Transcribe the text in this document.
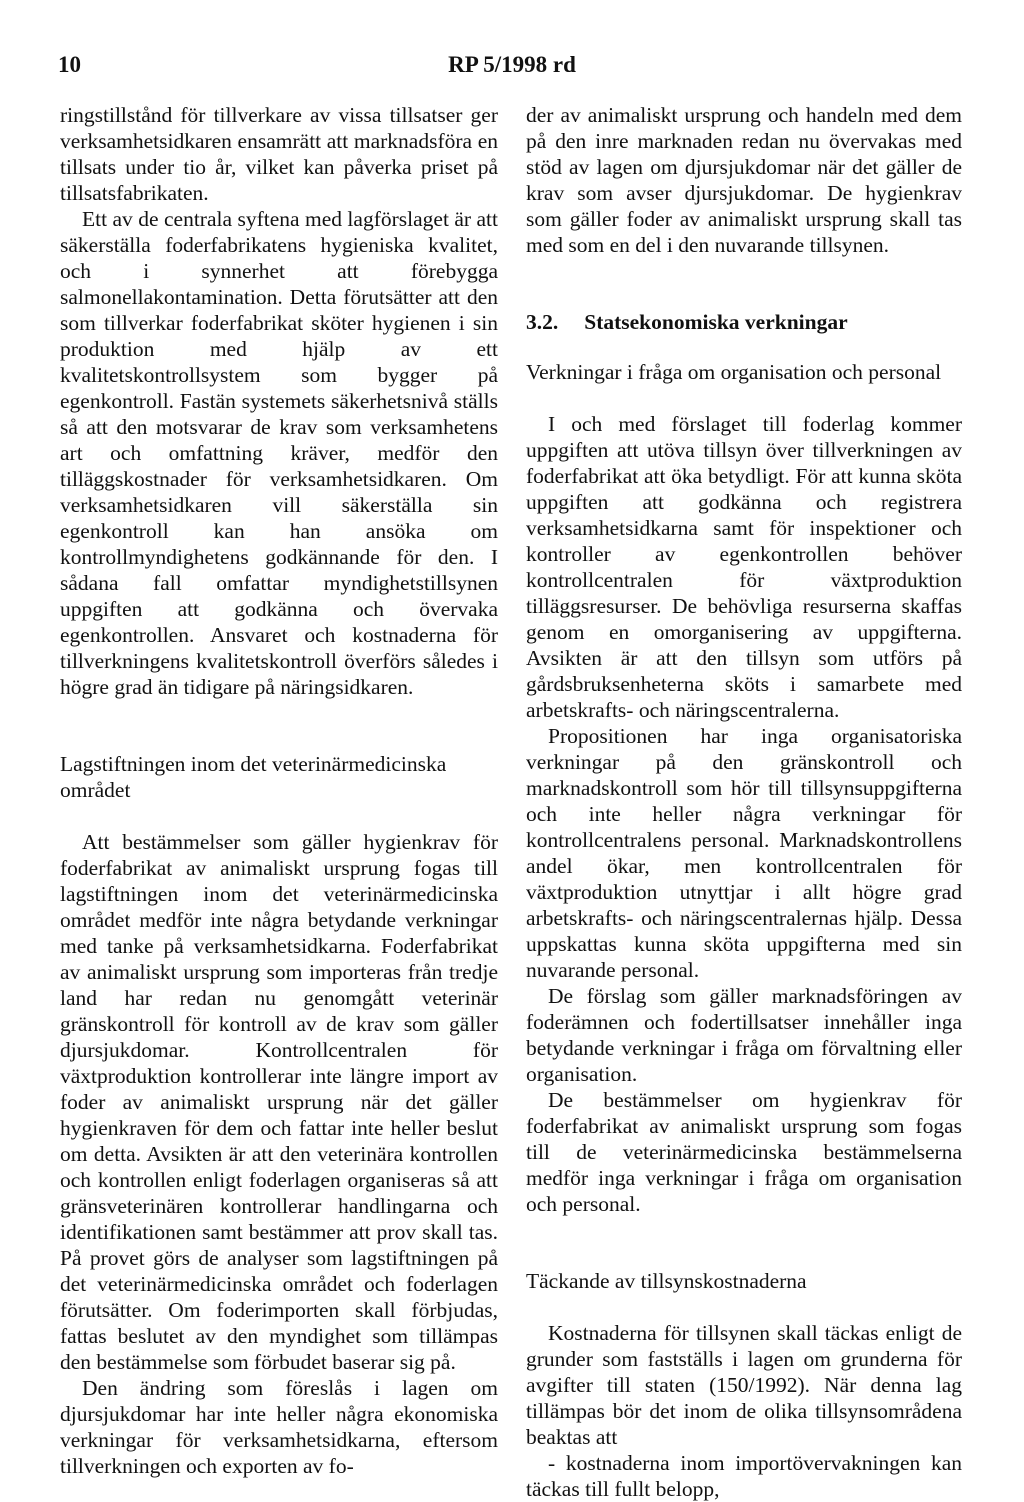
10	RP 5/1998 rd

ringstillstånd för tillverkare av vissa tillsatser ger verksamhetsidkaren ensamrätt att marknadsföra en tillsats under tio år, vilket kan påverka priset på tillsatsfabrikaten.

Ett av de centrala syftena med lagförslaget är att säkerställa foderfabrikatens hygieniska kvalitet, och i synnerhet att förebygga salmonellakontamination. Detta förutsätter att den som tillverkar foderfabrikat sköter hygienen i sin produktion med hjälp av ett kvalitetskontrollsystem som bygger på egenkontroll. Fastän systemets säkerhetsnivå ställs så att den motsvarar de krav som verksamhetens art och omfattning kräver, medför den tilläggskostnader för verksamhetsidkaren. Om verksamhetsidkaren vill säkerställa sin egenkontroll kan han ansöka om kontrollmyndighetens godkännande för den. I sådana fall omfattar myndighetstillsynen uppgiften att godkänna och övervaka egenkontrollen. Ansvaret och kostnaderna för tillverkningens kvalitetskontroll överförs således i högre grad än tidigare på näringsidkaren.

Lagstiftningen inom det veterinärmedicinska området

Att bestämmelser som gäller hygienkrav för foderfabrikat av animaliskt ursprung fogas till lagstiftningen inom det veterinärmedicinska området medför inte några betydande verkningar med tanke på verksamhetsidkarna. Foderfabrikat av animaliskt ursprung som importeras från tredje land har redan nu genomgått veterinär gränskontroll för kontroll av de krav som gäller djursjukdomar. Kontrollcentralen för växtproduktion kontrollerar inte längre import av foder av animaliskt ursprung när det gäller hygienkraven för dem och fattar inte heller beslut om detta. Avsikten är att den veterinära kontrollen och kontrollen enligt foderlagen organiseras så att gränsveterinären kontrollerar handlingarna och identifikationen samt bestämmer att prov skall tas. På provet görs de analyser som lagstiftningen på det veterinärmedicinska området och foderlagen förutsätter. Om foderimporten skall förbjudas, fattas beslutet av den myndighet som tillämpas den bestämmelse som förbudet baserar sig på.

Den ändring som föreslås i lagen om djursjukdomar har inte heller några ekonomiska verkningar för verksamhetsidkarna, eftersom tillverkningen och exporten av fo-

der av animaliskt ursprung och handeln med dem på den inre marknaden redan nu övervakas med stöd av lagen om djursjukdomar när det gäller de krav som avser djursjukdomar. De hygienkrav som gäller foder av animaliskt ursprung skall tas med som en del i den nuvarande tillsynen.

3.2. Statsekonomiska verkningar

Verkningar i fråga om organisation och personal

I och med förslaget till foderlag kommer uppgiften att utöva tillsyn över tillverkningen av foderfabrikat att öka betydligt. För att kunna sköta uppgiften att godkänna och registrera verksamhetsidkarna samt för inspektioner och kontroller av egenkontrollen behöver kontrollcentralen för växtproduktion tilläggsresurser. De behövliga resurserna skaffas genom en omorganisering av uppgifterna. Avsikten är att den tillsyn som utförs på gårdsbruksenheterna sköts i samarbete med arbetskrafts- och näringscentralerna.

Propositionen har inga organisatoriska verkningar på den gränskontroll och marknadskontroll som hör till tillsynsuppgifterna och inte heller några verkningar för kontrollcentralens personal. Marknadskontrollens andel ökar, men kontrollcentralen för växtproduktion utnyttjar i allt högre grad arbetskrafts- och näringscentralernas hjälp. Dessa uppskattas kunna sköta uppgifterna med sin nuvarande personal.

De förslag som gäller marknadsföringen av foderämnen och fodertillsatser innehåller inga betydande verkningar i fråga om förvaltning eller organisation.

De bestämmelser om hygienkrav för foderfabrikat av animaliskt ursprung som fogas till de veterinärmedicinska bestämmelserna medför inga verkningar i fråga om organisation och personal.

Täckande av tillsynskostnaderna

Kostnaderna för tillsynen skall täckas enligt de grunder som fastställs i lagen om grunderna för avgifter till staten (150/1992). När denna lag tillämpas bör det inom de olika tillsynsområdena beaktas att

- kostnaderna inom importövervakningen kan täckas till fullt belopp,
